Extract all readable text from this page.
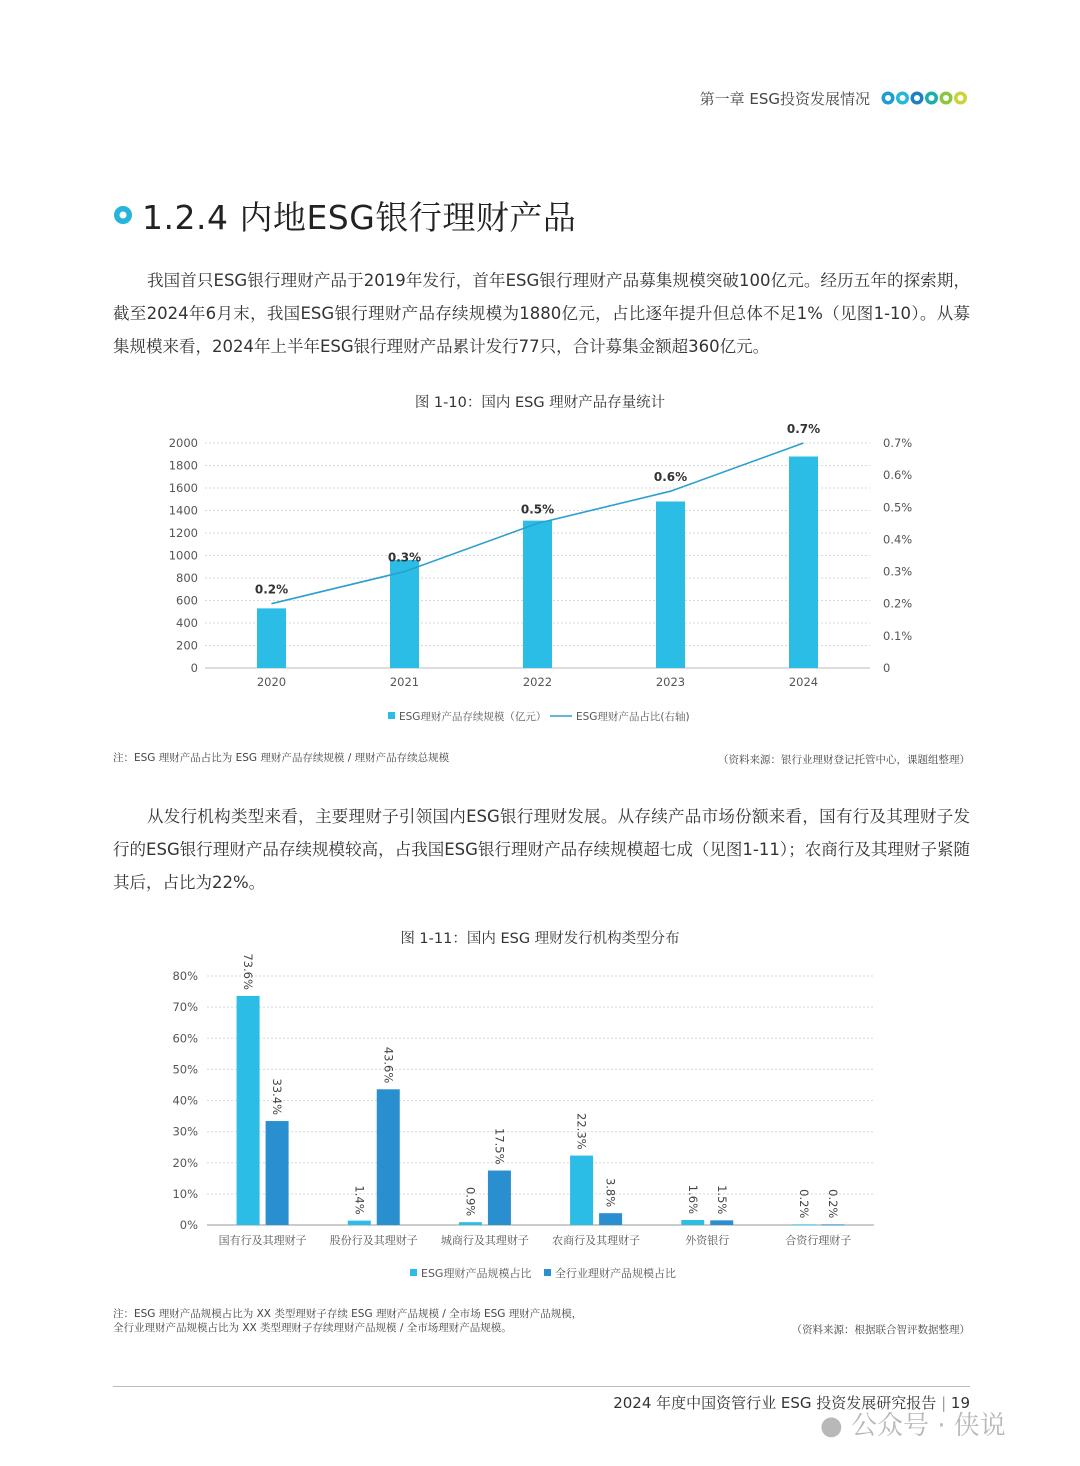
第一章 ESG投资发展情况
1.2.4 内地ESG银行理财产品
我国首只ESG银行理财产品于2019年发行，首年ESG银行理财产品募集规模突破100亿元。经历五年的探索期，截至2024年6月末，我国ESG银行理财产品存续规模为1880亿元，占比逐年提升但总体不足1%（见图1-10）。从募集规模来看，2024年上半年ESG银行理财产品累计发行77只，合计募集金额超360亿元。
图 1-10：国内 ESG 理财产品存量统计
0
200
400
600
800
1000
1200
1400
1600
1800
2000
0
0.1%
0.2%
0.3%
0.4%
0.5%
0.6%
0.7%
2020	2021	2022	2023	2024
0.2%
0.3%
0.5%
0.6%
0.7%
ESG理财产品存续规模（亿元）	ESG理财产品占比(右轴)
注：ESG 理财产品占比为 ESG 理财产品存续规模 / 理财产品存续总规模	（资料来源：银行业理财登记托管中心，课题组整理）
从发行机构类型来看，主要理财子引领国内ESG银行理财发展。从存续产品市场份额来看，国有行及其理财子发行的ESG银行理财产品存续规模较高，占我国ESG银行理财产品存续规模超七成（见图1-11）；农商行及其理财子紧随其后，占比为22%。
图 1-11：国内 ESG 理财发行机构类型分布
0%
10%
20%
30%
40%
50%
60%
70%
80%	73.6%
33.4%
国有行及其理财子
1.4%
43.6%
股份行及其理财子
0.9%
17.5%
城商行及其理财子
22.3%
3.8%
农商行及其理财子
1.6% 1.5%
外资银行
0.2% 0.2%
合资行理财子
ESG理财产品规模占比 全行业理财产品规模占比
注：ESG 理财产品规模占比为 XX 类型理财子存续 ESG 理财产品规模 / 全市场 ESG 理财产品规模，
全行业理财产品规模占比为 XX 类型理财子存续理财产品规模 / 全市场理财产品规模。	（资料来源：根据联合智评数据整理）
2024 年度中国资管行业 ESG 投资发展研究报告 | 19
● 公众号 · 侠说
